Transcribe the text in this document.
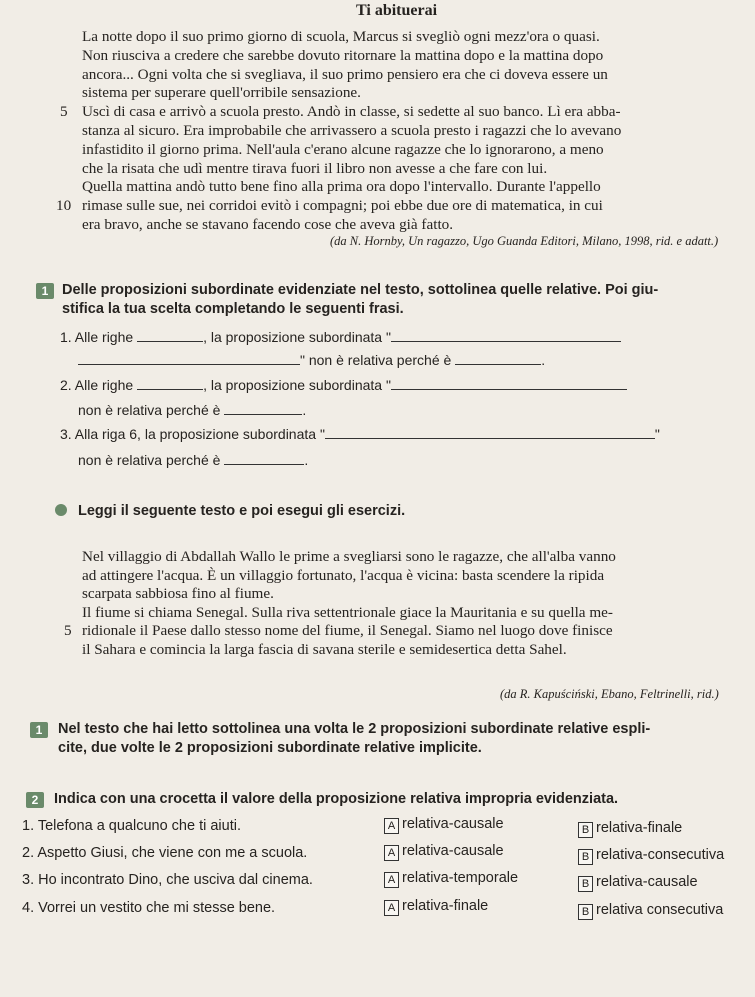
Ti abituerai
La notte dopo il suo primo giorno di scuola, Marcus si svegliò ogni mezz'ora o quasi.
Non riusciva a credere che sarebbe dovuto ritornare la mattina dopo e la mattina dopo
ancora... Ogni volta che si svegliava, il suo primo pensiero era che ci doveva essere un
sistema per superare quell'orribile sensazione.
5 Uscì di casa e arrivò a scuola presto. Andò in classe, si sedette al suo banco. Lì era abba-
stanza al sicuro. Era improbabile che arrivassero a scuola presto i ragazzi che lo avevano
infastidito il giorno prima. Nell'aula c'erano alcune ragazze che lo ignorarono, a meno
che la risata che udì mentre tirava fuori il libro non avesse a che fare con lui.
Quella mattina andò tutto bene fino alla prima ora dopo l'intervallo. Durante l'appello
10 rimase sulle sue, nei corridoi evitò i compagni; poi ebbe due ore di matematica, in cui
era bravo, anche se stavano facendo cose che aveva già fatto.
(da N. Hornby, Un ragazzo, Ugo Guanda Editori, Milano, 1998, rid. e adatt.)
1 Delle proposizioni subordinate evidenziate nel testo, sottolinea quelle relative. Poi giu-
stifica la tua scelta completando le seguenti frasi.
1. Alle righe	, la proposizione subordinata "
" non è relativa perché è	.
2. Alle righe	, la proposizione subordinata "
non è relativa perché è	.
3. Alla riga 6, la proposizione subordinata "	"
non è relativa perché è	.
Leggi il seguente testo e poi esegui gli esercizi.
Nel villaggio di Abdallah Wallo le prime a svegliarsi sono le ragazze, che all'alba vanno
ad attingere l'acqua. È un villaggio fortunato, l'acqua è vicina: basta scendere la ripida
scarpata sabbiosa fino al fiume.
Il fiume si chiama Senegal. Sulla riva settentrionale giace la Mauritania e su quella me-
5 ridionale il Paese dallo stesso nome del fiume, il Senegal. Siamo nel luogo dove finisce
il Sahara e comincia la larga fascia di savana sterile e semidesertica detta Sahel.
(da R. Kapuściński, Ebano, Feltrinelli, rid.)
1	Nel testo che hai letto sottolinea una volta le 2 proposizioni subordinate relative espli-
cite, due volte le 2 proposizioni subordinate relative implicite.
2	Indica con una crocetta il valore della proposizione relativa impropria evidenziata.
1. Telefona a qualcuno che ti aiuti.	A relativa-causale	B relativa-finale
2. Aspetto Giusi, che viene con me a scuola.	A relativa-causale	B relativa-consecutiva
3. Ho incontrato Dino, che usciva dal cinema.	A relativa-temporale	B relativa-causale
4. Vorrei un vestito che mi stesse bene.	A relativa-finale	B relativa consecutiva
